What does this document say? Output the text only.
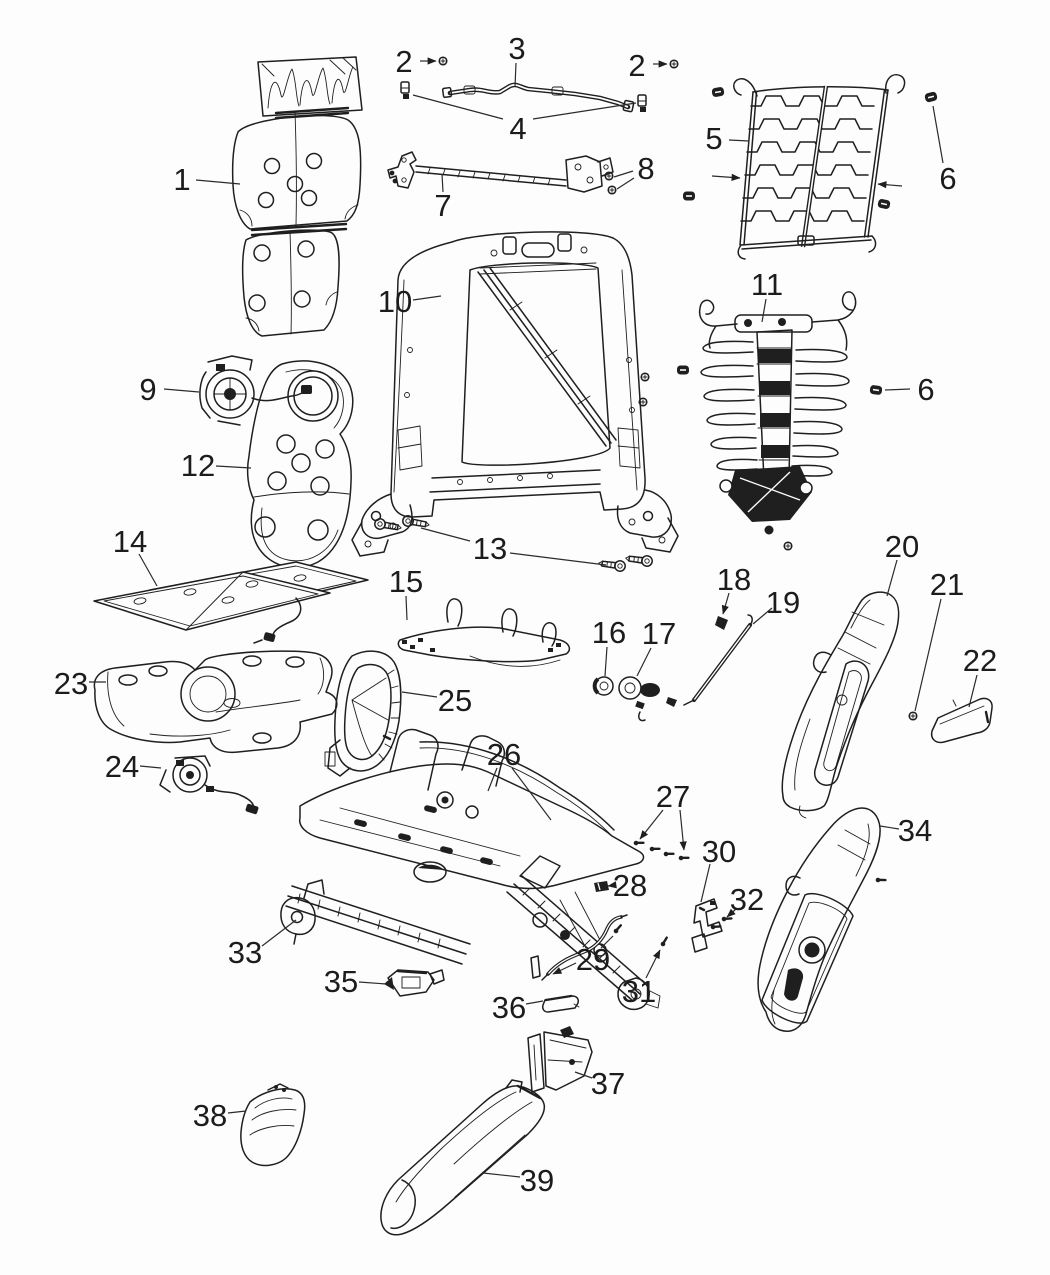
1
2	2
3
4	5
6
6
7
8
9
10	11
12
13
14
15
16 17
18
19
20
21
22
23
24
25
26
27
28
29
30
31
32
33
34
35
36
37
38
39
